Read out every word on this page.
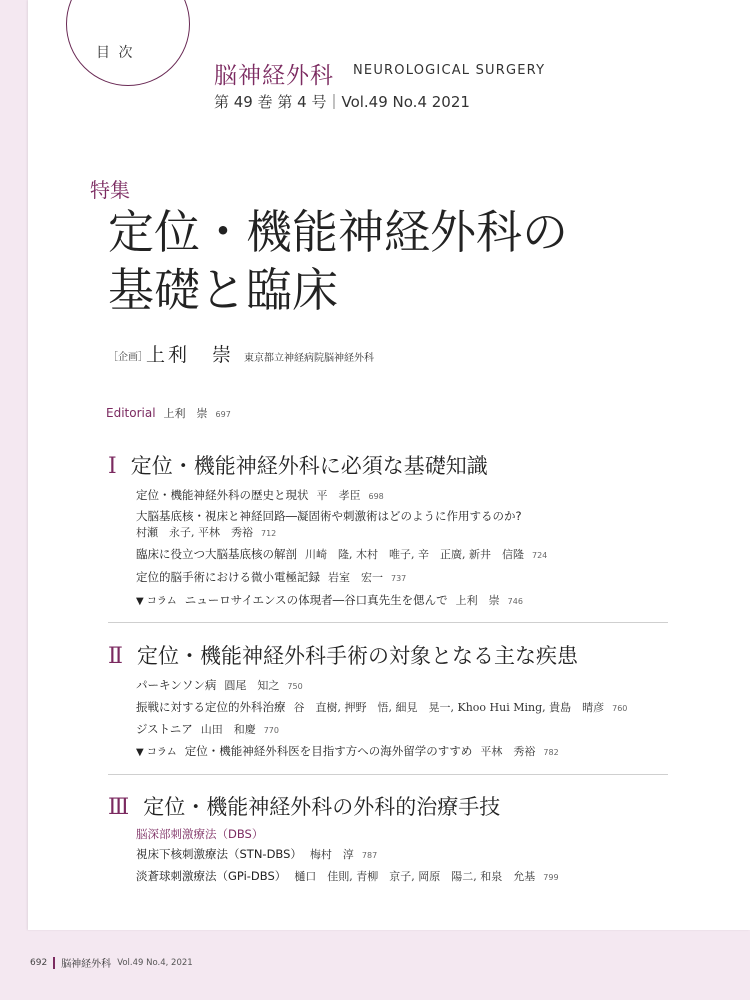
目 次
脳神経外科 NEUROLOGICAL SURGERY
第 49 巻 第 4 号｜Vol.49 No.4 2021
特集
定位・機能神経外科の
基礎と臨床
［企画］
上利　崇 東京都立神経病院脳神経外科
Editorial 上利　崇 697
Ⅰ 定位・機能神経外科に必須な基礎知識
定位・機能神経外科の歴史と現状 平　孝臣 698
大脳基底核・視床と神経回路―凝固術や刺激術はどのように作用するのか?
村瀬　永子, 平林　秀裕 712
臨床に役立つ大脳基底核の解剖 川崎　隆, 木村　唯子, 辛　正廣, 新井　信隆 724
定位的脳手術における微小電極記録 岩室　宏一 737
▼ コラム ニューロサイエンスの体現者―谷口真先生を偲んで 上利　崇 746
Ⅱ 定位・機能神経外科手術の対象となる主な疾患
パーキンソン病 圓尾　知之 750
振戦に対する定位的外科治療 谷　直樹, 押野　悟, 細見　晃一, Khoo Hui Ming, 貴島　晴彦 760
ジストニア 山田　和慶 770
▼ コラム 定位・機能神経外科医を目指す方への海外留学のすすめ 平林　秀裕 782
Ⅲ 定位・機能神経外科の外科的治療手技
脳深部刺激療法（DBS）
視床下核刺激療法（STN-DBS） 梅村　淳 787
淡蒼球刺激療法（GPi-DBS） 樋口　佳則, 青柳　京子, 岡原　陽二, 和泉　允基 799
692 脳神経外科 Vol.49 No.4, 2021
